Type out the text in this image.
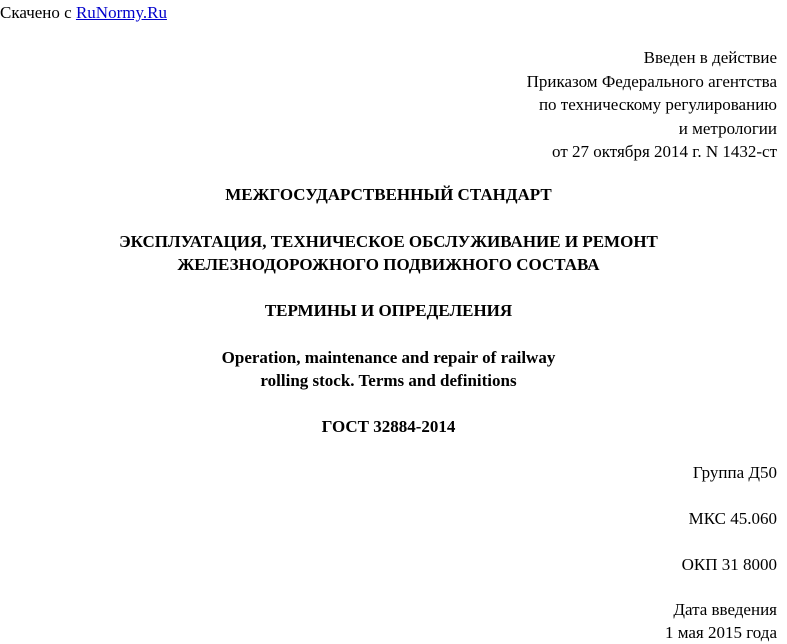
Скачено с RuNormy.Ru
Введен в действие
Приказом Федерального агентства
по техническому регулированию
и метрологии
от 27 октября 2014 г. N 1432-ст
МЕЖГОСУДАРСТВЕННЫЙ СТАНДАРТ
ЭКСПЛУАТАЦИЯ, ТЕХНИЧЕСКОЕ ОБСЛУЖИВАНИЕ И РЕМОНТ
ЖЕЛЕЗНОДОРОЖНОГО ПОДВИЖНОГО СОСТАВА
ТЕРМИНЫ И ОПРЕДЕЛЕНИЯ
Operation, maintenance and repair of railway
rolling stock. Terms and definitions
ГОСТ 32884-2014
Группа Д50
МКС 45.060
ОКП 31 8000
Дата введения
1 мая 2015 года
